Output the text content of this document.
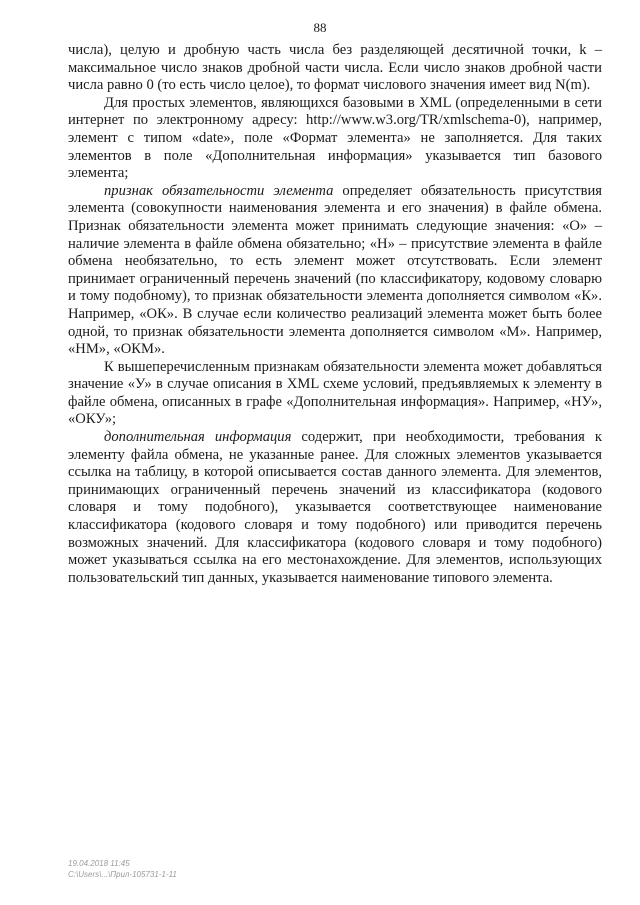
88

числа), целую и дробную часть числа без разделяющей десятичной точки, k – максимальное число знаков дробной части числа. Если число знаков дробной части числа равно 0 (то есть число целое), то формат числового значения имеет вид N(m).

Для простых элементов, являющихся базовыми в XML (определенными в сети интернет по электронному адресу: http://www.w3.org/TR/xmlschema-0), например, элемент с типом «date», поле «Формат элемента» не заполняется. Для таких элементов в поле «Дополнительная информация» указывается тип базового элемента;

признак обязательности элемента определяет обязательность присутствия элемента (совокупности наименования элемента и его значения) в файле обмена. Признак обязательности элемента может принимать следующие значения: «О» – наличие элемента в файле обмена обязательно; «Н» – присутствие элемента в файле обмена необязательно, то есть элемент может отсутствовать. Если элемент принимает ограниченный перечень значений (по классификатору, кодовому словарю и тому подобному), то признак обязательности элемента дополняется символом «К». Например, «ОК». В случае если количество реализаций элемента может быть более одной, то признак обязательности элемента дополняется символом «М». Например, «НМ», «ОКМ».

К вышеперечисленным признакам обязательности элемента может добавляться значение «У» в случае описания в XML схеме условий, предъявляемых к элементу в файле обмена, описанных в графе «Дополнительная информация». Например, «НУ», «ОКУ»;

дополнительная информация содержит, при необходимости, требования к элементу файла обмена, не указанные ранее. Для сложных элементов указывается ссылка на таблицу, в которой описывается состав данного элемента. Для элементов, принимающих ограниченный перечень значений из классификатора (кодового словаря и тому подобного), указывается соответствующее наименование классификатора (кодового словаря и тому подобного) или приводится перечень возможных значений. Для классификатора (кодового словаря и тому подобного) может указываться ссылка на его местонахождение. Для элементов, использующих пользовательский тип данных, указывается наименование типового элемента.

19.04.2018 11:45
C:\Users\...\Прил-105731-1-11
